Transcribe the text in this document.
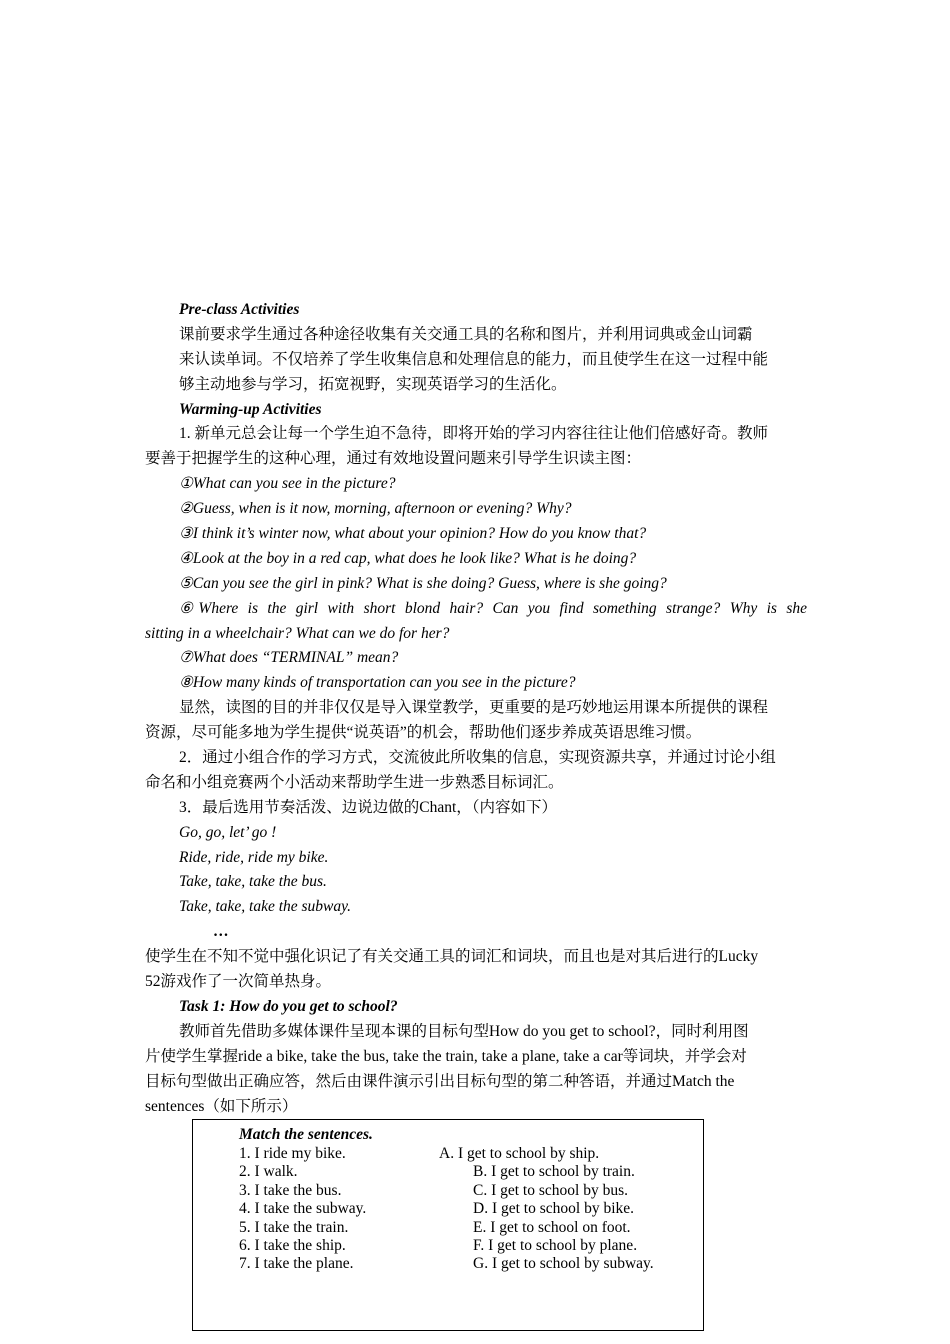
Pre-class Activities
课前要求学生通过各种途径收集有关交通工具的名称和图片，并利用词典或金山词霸
来认读单词。不仅培养了学生收集信息和处理信息的能力，而且使学生在这一过程中能
够主动地参与学习，拓宽视野，实现英语学习的生活化。
Warming-up Activities
1. 新单元总会让每一个学生迫不急待，即将开始的学习内容往往让他们倍感好奇。教师
要善于把握学生的这种心理，通过有效地设置问题来引导学生识读主图：
①What can you see in the picture?
②Guess, when is it now, morning, afternoon or evening? Why?
③I think it’s winter now, what about your opinion? How do you know that?
④Look at the boy in a red cap, what does he look like? What is he doing?
⑤Can you see the girl in pink? What is she doing? Guess, where is she going?
⑥Where is the girl with short blond hair? Can you find something strange? Why is she
sitting in a wheelchair? What can we do for her?
⑦What does “TERMINAL” mean?
⑧How many kinds of transportation can you see in the picture?
显然，读图的目的并非仅仅是导入课堂教学，更重要的是巧妙地运用课本所提供的课程
资源，尽可能多地为学生提供“说英语”的机会，帮助他们逐步养成英语思维习惯。
2．通过小组合作的学习方式，交流彼此所收集的信息，实现资源共享，并通过讨论小组
命名和小组竞赛两个小活动来帮助学生进一步熟悉目标词汇。
3．最后选用节奏活泼、边说边做的Chant，（内容如下）
Go, go, let’ go !
Ride, ride, ride my bike.
Take, take, take the bus.
Take, take, take the subway.
…
使学生在不知不觉中强化识记了有关交通工具的词汇和词块，而且也是对其后进行的Lucky
52游戏作了一次简单热身。
Task 1: How do you get to school?
教师首先借助多媒体课件呈现本课的目标句型How do you get to school?，同时利用图
片使学生掌握ride a bike, take the bus, take the train, take a plane, take a car等词块，并学会对
目标句型做出正确应答，然后由课件演示引出目标句型的第二种答语，并通过Match the
sentences（如下所示）
Match the sentences.
1. I ride my bike.
2. I walk.
3. I take the bus.
4. I take the subway.
5. I take the train.
6. I take the ship.
7. I take the plane.
A. I get to school by ship.
B. I get to school by train.
C. I get to school by bus.
D. I get to school by bike.
E. I get to school on foot.
F. I get to school by plane.
G. I get to school by subway.
